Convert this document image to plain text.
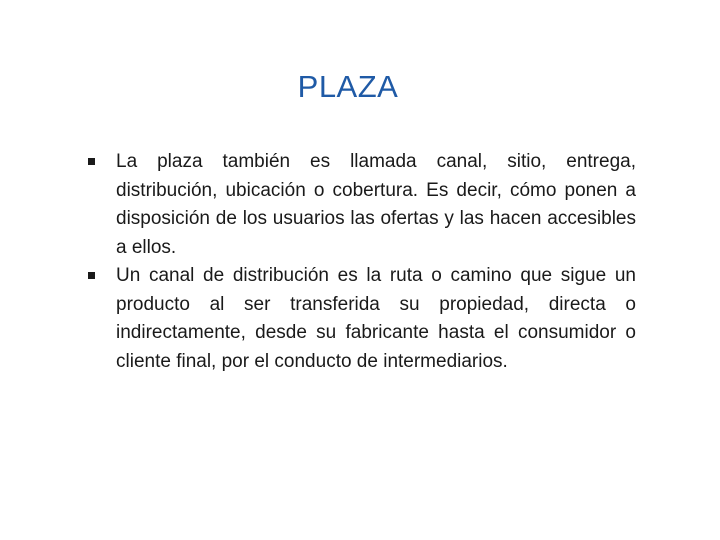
PLAZA
La plaza también es llamada canal, sitio, entrega, distribución, ubicación o cobertura. Es decir, cómo ponen a disposición de los usuarios las ofertas y las hacen accesibles a ellos.
Un canal de distribución es la ruta o camino que sigue un producto al ser transferida su propiedad, directa o indirectamente, desde su fabricante hasta el consumidor o cliente final, por el conducto de intermediarios.
